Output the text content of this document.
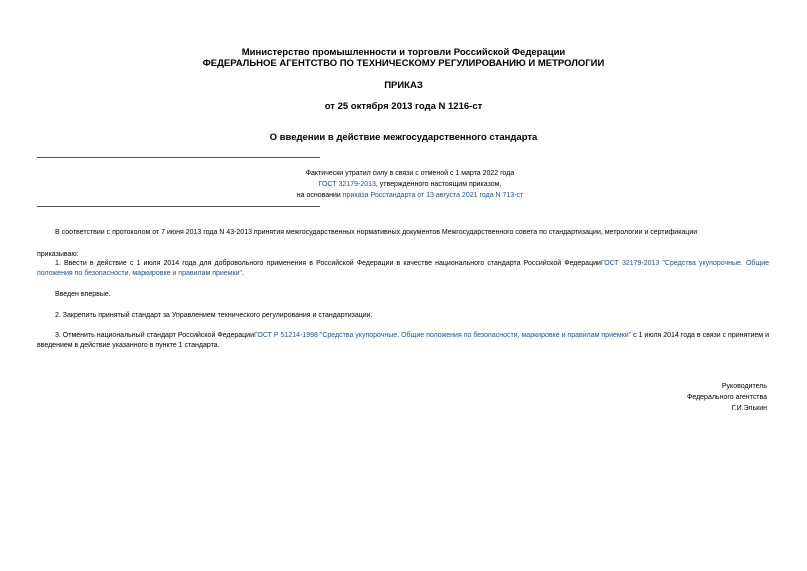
Министерство промышленности и торговли Российской Федерации
ФЕДЕРАЛЬНОЕ АГЕНТСТВО ПО ТЕХНИЧЕСКОМУ РЕГУЛИРОВАНИЮ И МЕТРОЛОГИИ
ПРИКАЗ
от 25 октября 2013 года N 1216-ст
О введении в действие межгосударственного стандарта
Фактически утратил силу в связи с отменой с 1 марта 2022 года
ГОСТ 32179-2013, утвержденного настоящим приказом,
на основании приказа Росстандарта от 13 августа 2021 года N 713-ст
В соответствии с протоколом от 7 июня 2013 года N 43-2013 принятия межгосударственных нормативных документов Межгосударственного совета по стандартизации, метрологии и сертификации
приказываю:
1. Ввести в действие с 1 июля 2014 года для добровольного применения в Российской Федерации в качестве национального стандарта Российской ФедерацииГОСТ 32179-2013 "Средства укупорочные. Общие положения по безопасности, маркировке и правилам приемки".
Введен впервые.
2. Закрепить принятый стандарт за Управлением технического регулирования и стандартизации.
3. Отменить национальный стандарт Российской ФедерацииГОСТ Р 51214-1998 "Средства укупорочные. Общие положения по безопасности, маркировке и правилам приемки" с 1 июля 2014 года в связи с принятием и введением в действие указанного в пункте 1 стандарта.
Руководитель
Федерального агентства
Г.И.Элькин
